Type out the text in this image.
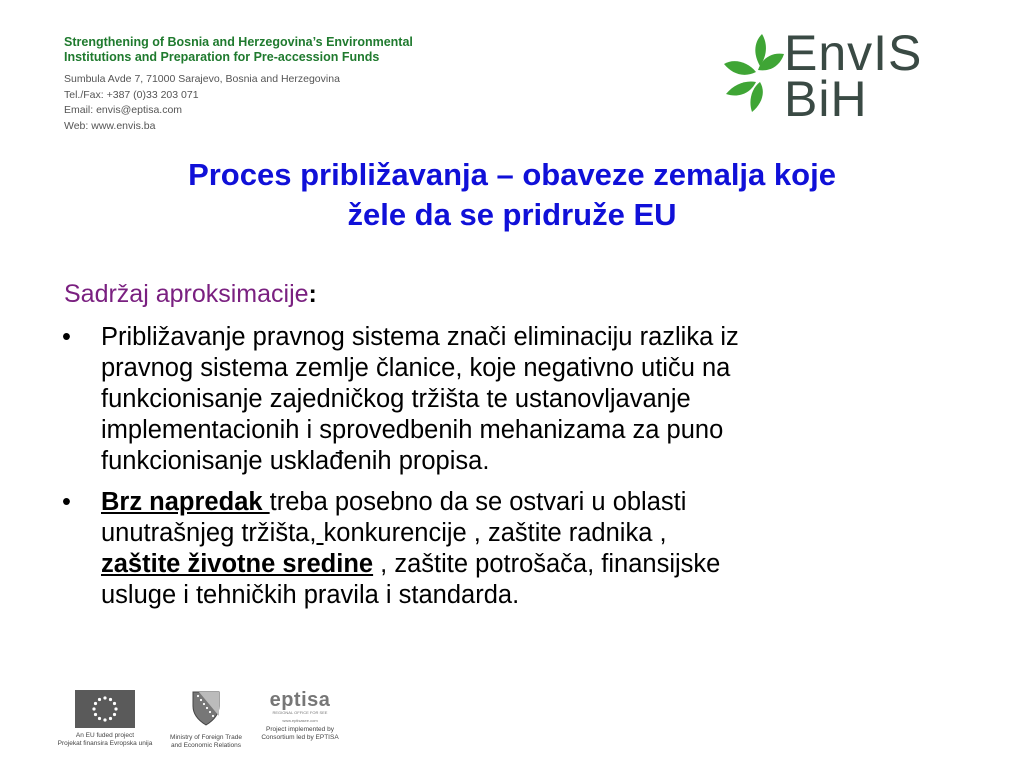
Strengthening of Bosnia and Herzegovina’s Environmental
Institutions and Preparation for Pre-accession Funds
Sumbula Avde 7, 71000 Sarajevo, Bosnia and Herzegovina
Tel./Fax: +387 (0)33 203 071
Email: envis@eptisa.com
Web: www.envis.ba
EnvIS
BiH
Proces približavanja – obaveze zemalja koje
žele da se pridruže EU
Sadržaj aproksimacije:
• Približavanje pravnog sistema znači eliminaciju razlika iz
pravnog sistema zemlje članice, koje negativno utiču na
funkcionisanje zajedničkog tržišta te ustanovljavanje
implementacionih i sprovedbenih mehanizama za puno
funkcionisanje usklađenih propisa.
• Brz napredak treba posebno da se ostvari u oblasti
unutrašnjeg tržišta, konkurencije , zaštite radnika ,
zaštite životne sredine , zaštite potrošača, finansijske
usluge i tehničkih pravila i standarda.
An EU fuded project
Projekat finansira Evropska unija
Ministry of Foreign Trade
and Economic Relations
eptisa
REGIONAL OFFICE FOR SEE
www.eptisasee.com
Project implemented by
Consortium led by EPTISA
